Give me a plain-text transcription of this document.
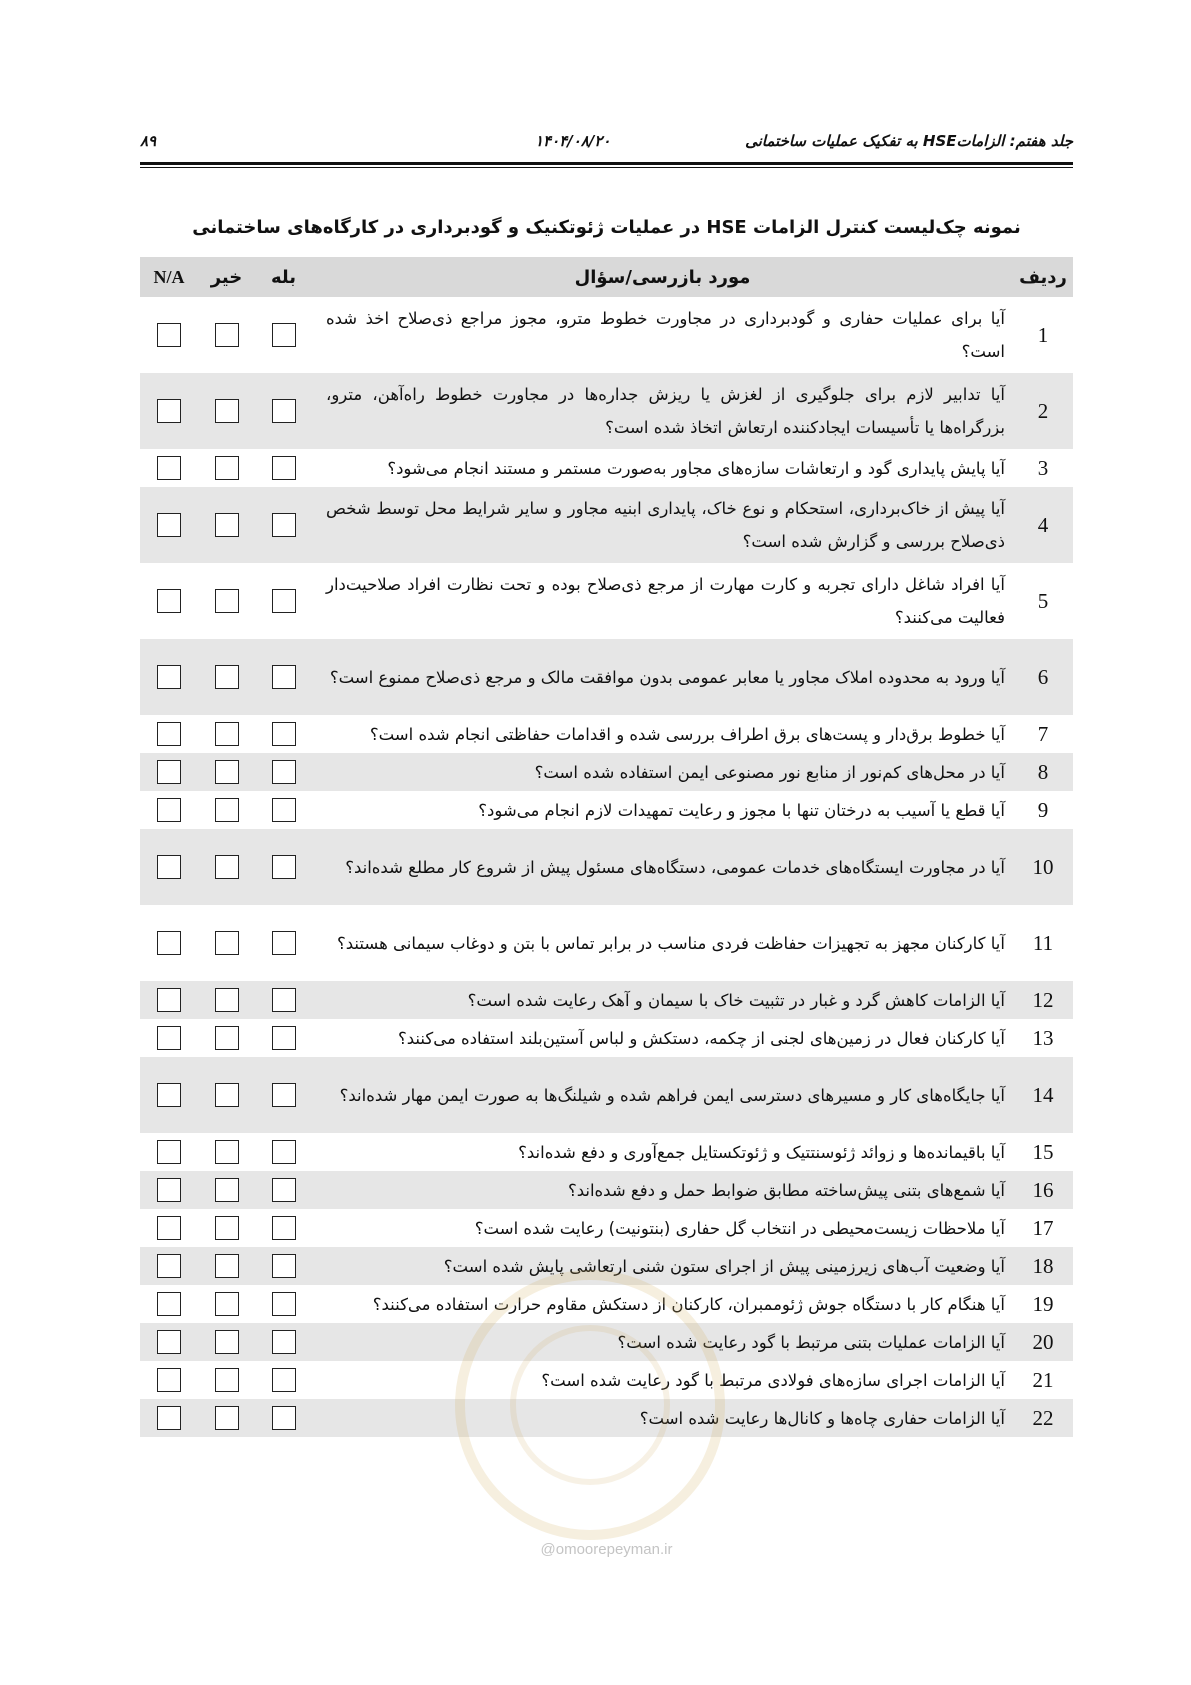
جلد هفتم: الزاماتHSE به تفکیک عملیات ساختمانی
۱۴۰۴/۰۸/۲۰
۸۹
نمونه چک‌لیست کنترل الزامات HSE در عملیات ژئوتکنیک و گودبرداری در کارگاه‌های ساختمانی
ردیف	مورد بازرسی/سؤال	بله	خیر	N/A
1	آیا برای عملیات حفاری و گودبرداری در مجاورت خطوط مترو، مجوز مراجع ذی‌صلاح اخذ شده است؟			
2	آیا تدابیر لازم برای جلوگیری از لغزش یا ریزش جداره‌ها در مجاورت خطوط راه‌آهن، مترو، بزرگراه‌ها یا تأسیسات ایجادکننده ارتعاش اتخاذ شده است؟			
3	آیا پایش پایداری گود و ارتعاشات سازه‌های مجاور به‌صورت مستمر و مستند انجام می‌شود؟			
4	آیا پیش از خاک‌برداری، استحکام و نوع خاک، پایداری ابنیه مجاور و سایر شرایط محل توسط شخص ذی‌صلاح بررسی و گزارش شده است؟			
5	آیا افراد شاغل دارای تجربه و کارت مهارت از مرجع ذی‌صلاح بوده و تحت نظارت افراد صلاحیت‌دار فعالیت می‌کنند؟			
6	آیا ورود به محدوده املاک مجاور یا معابر عمومی بدون موافقت مالک و مرجع ذی‌صلاح ممنوع است؟			
7	آیا خطوط برق‌دار و پست‌های برق اطراف بررسی شده و اقدامات حفاظتی انجام شده است؟			
8	آیا در محل‌های کم‌نور از منابع نور مصنوعی ایمن استفاده شده است؟			
9	آیا قطع یا آسیب به درختان تنها با مجوز و رعایت تمهیدات لازم انجام می‌شود؟			
10	آیا در مجاورت ایستگاه‌های خدمات عمومی، دستگاه‌های مسئول پیش از شروع کار مطلع شده‌اند؟			
11	آیا کارکنان مجهز به تجهیزات حفاظت فردی مناسب در برابر تماس با بتن و دوغاب سیمانی هستند؟			
12	آیا الزامات کاهش گرد و غبار در تثبیت خاک با سیمان و آهک رعایت شده است؟			
13	آیا کارکنان فعال در زمین‌های لجنی از چکمه، دستکش و لباس آستین‌بلند استفاده می‌کنند؟			
14	آیا جایگاه‌های کار و مسیرهای دسترسی ایمن فراهم شده و شیلنگ‌ها به صورت ایمن مهار شده‌اند؟			
15	آیا باقیمانده‌ها و زوائد ژئوسنتتیک و ژئوتکستایل جمع‌آوری و دفع شده‌اند؟			
16	آیا شمع‌های بتنی پیش‌ساخته مطابق ضوابط حمل و دفع شده‌اند؟			
17	آیا ملاحظات زیست‌محیطی در انتخاب گل حفاری (بنتونیت) رعایت شده است؟			
18	آیا وضعیت آب‌های زیرزمینی پیش از اجرای ستون شنی ارتعاشی پایش شده است؟			
19	آیا هنگام کار با دستگاه جوش ژئوممبران، کارکنان از دستکش مقاوم حرارت استفاده می‌کنند؟			
20	آیا الزامات عملیات بتنی مرتبط با گود رعایت شده است؟			
21	آیا الزامات اجرای سازه‌های فولادی مرتبط با گود رعایت شده است؟			
22	آیا الزامات حفاری چاه‌ها و کانال‌ها رعایت شده است؟			
@omoorepeyman.ir
